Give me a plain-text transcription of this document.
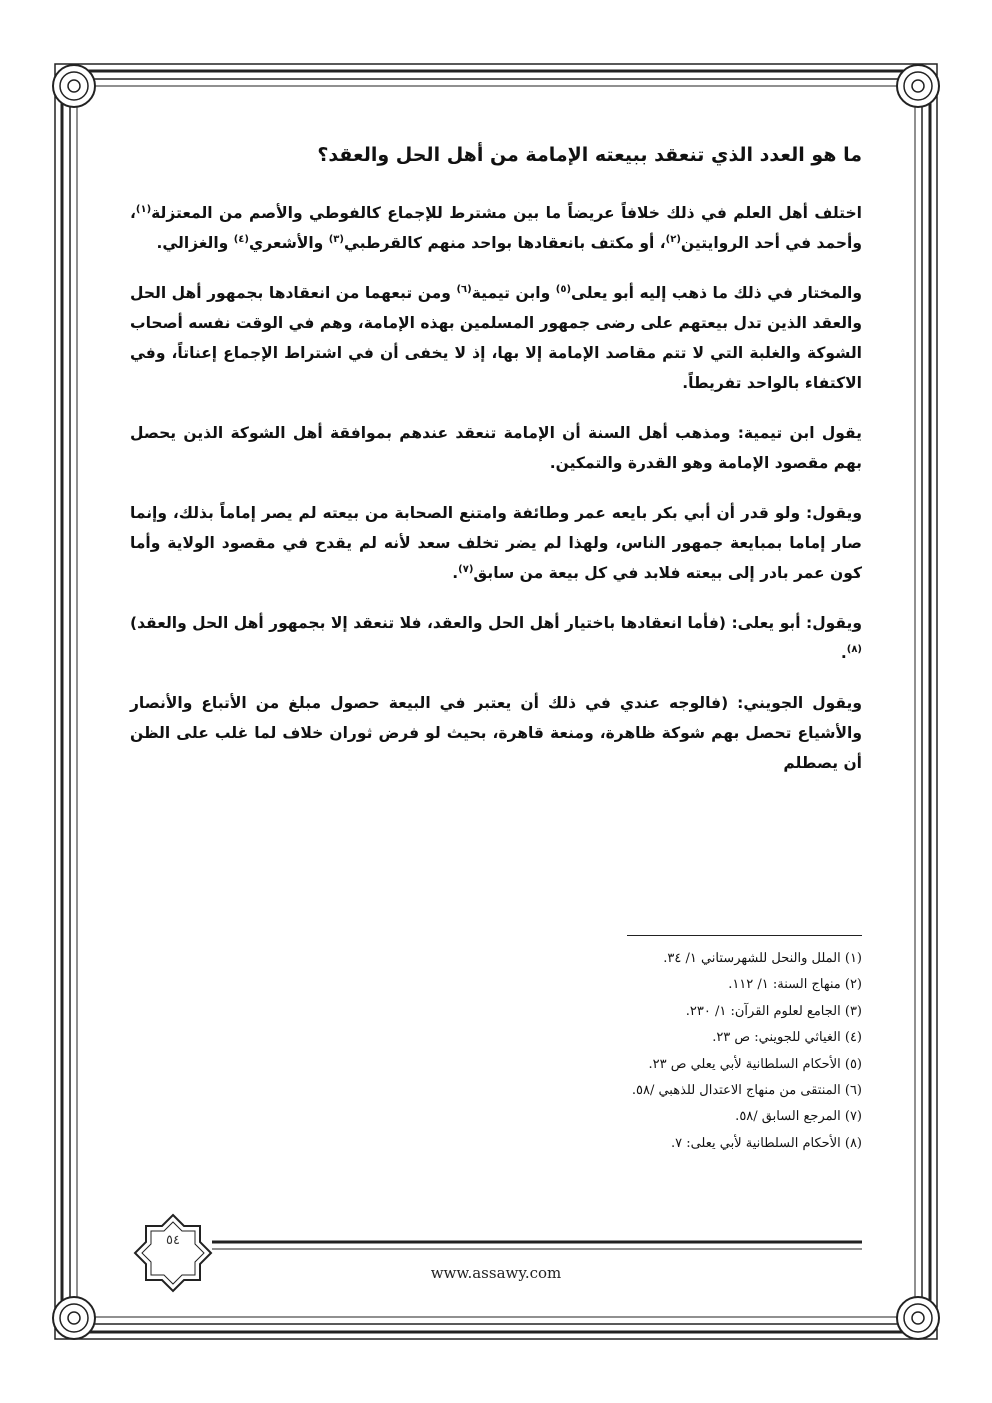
ما هو العدد الذي تنعقد ببيعته الإمامة من أهل الحل والعقد؟

اختلف أهل العلم في ذلك خلافاً عريضاً ما بين مشترط للإجماع كالفوطي والأصم من المعتزلة$^{(١)}$، وأحمد في أحد الروايتين$^{(٢)}$، أو مكتف بانعقادها بواحد منهم كالقرطبي$^{(٣)}$ والأشعري$^{(٤)}$ والغزالي.

والمختار في ذلك ما ذهب إليه أبو يعلى$^{(٥)}$ وابن تيمية$^{(٦)}$ ومن تبعهما من انعقادها بجمهور أهل الحل والعقد الذين تدل بيعتهم على رضى جمهور المسلمين بهذه الإمامة، وهم في الوقت نفسه أصحاب الشوكة والغلبة التي لا تتم مقاصد الإمامة إلا بها، إذ لا يخفى أن في اشتراط الإجماع إعناتاً، وفي الاكتفاء بالواحد تفريطاً.

يقول ابن تيمية: ومذهب أهل السنة أن الإمامة تنعقد عندهم بموافقة أهل الشوكة الذين يحصل بهم مقصود الإمامة وهو القدرة والتمكين.

ويقول: ولو قدر أن أبي بكر بايعه عمر وطائفة وامتنع الصحابة من بيعته لم يصر إماماً بذلك، وإنما صار إماما بمبايعة جمهور الناس، ولهذا لم يضر تخلف سعد لأنه لم يقدح في مقصود الولاية وأما كون عمر بادر إلى بيعته فلابد في كل بيعة من سابق$^{(٧)}$.

ويقول: أبو يعلى: (فأما انعقادها باختيار أهل الحل والعقد، فلا تنعقد إلا بجمهور أهل الحل والعقد)$^{(٨)}$.

ويقول الجويني: (فالوجه عندي في ذلك أن يعتبر في البيعة حصول مبلغ من الأتباع والأنصار والأشياع تحصل بهم شوكة ظاهرة، ومنعة قاهرة، بحيث لو فرض ثوران خلاف لما غلب على الظن أن يصطلم

(١) الملل والنحل للشهرستاني ١/ ٣٤.

(٢) منهاج السنة: ١/ ١١٢.

(٣) الجامع لعلوم القرآن: ١/ ٢٣٠.

(٤) الغياثي للجويني: ص ٢٣.

(٥) الأحكام السلطانية لأبي يعلي ص ٢٣.

(٦) المنتقى من منهاج الاعتدال للذهبي /٥٨.

(٧) المرجع السابق /٥٨.

(٨) الأحكام السلطانية لأبي يعلى: ٧.

٥٤
www.assawy.com
